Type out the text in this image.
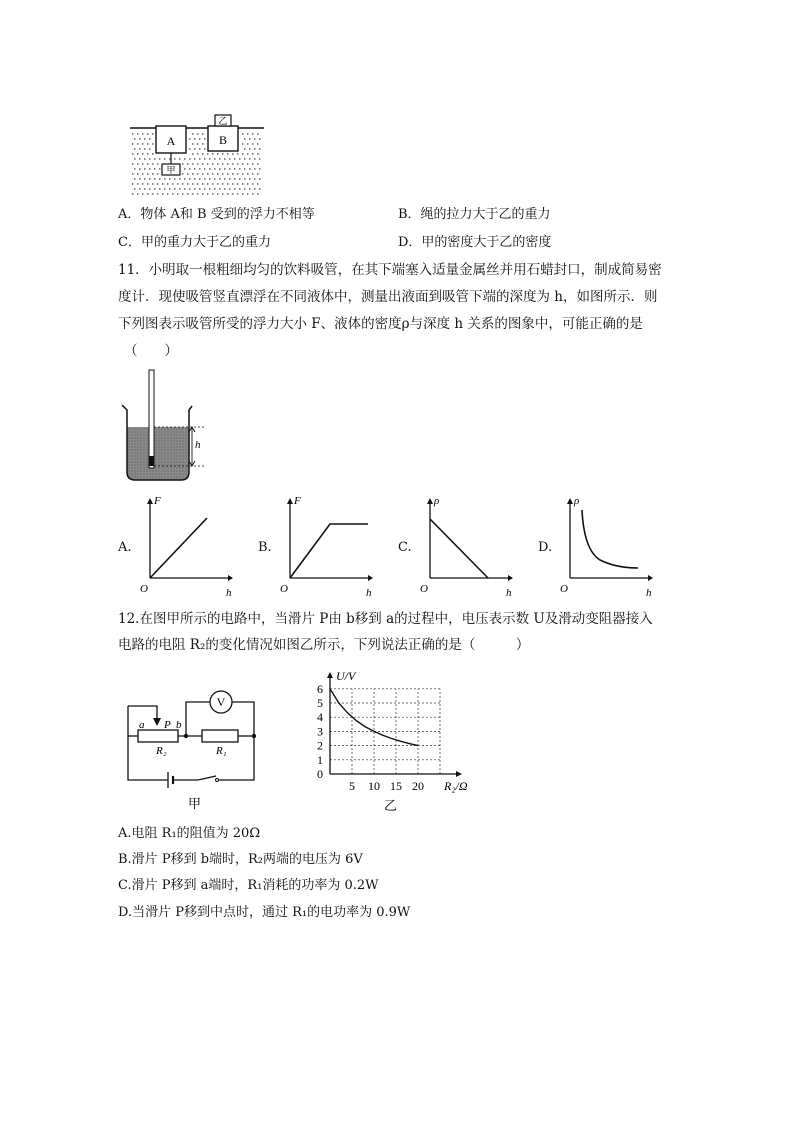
A
甲
B
乙
A．物体 A和 B 受到的浮力不相等	B．绳的拉力大于乙的重力
C．甲的重力大于乙的重力	D．甲的密度大于乙的密度
11．小明取一根粗细均匀的饮料吸管，在其下端塞入适量金属丝并用石蜡封口，制成简易密
度计．现使吸管竖直漂浮在不同液体中，测量出液面到吸管下端的深度为 h，如图所示．则
下列图表示吸管所受的浮力大小 F、液体的密度ρ与深度 h 关系的图象中，可能正确的是
（　　）
h
A.
F
h
O
B.
F
h
O
C.
ρ
h
O
D.
ρ
h
O
12.在图甲所示的电路中，当滑片 P由 b移到 a的过程中，电压表示数 U及滑动变阻器接入
电路的电阻 R₂的变化情况如图乙所示，下列说法正确的是（　　　）
V
a P b
R₂	R₁
甲
1
2
3
4
5
6
5 10 15 20
0
U/V
R₂/Ω
乙
A.电阻 R₁的阻值为 20Ω
B.滑片 P移到 b端时，R₂两端的电压为 6V
C.滑片 P移到 a端时，R₁消耗的功率为 0.2W
D.当滑片 P移到中点时，通过 R₁的电功率为 0.9W
